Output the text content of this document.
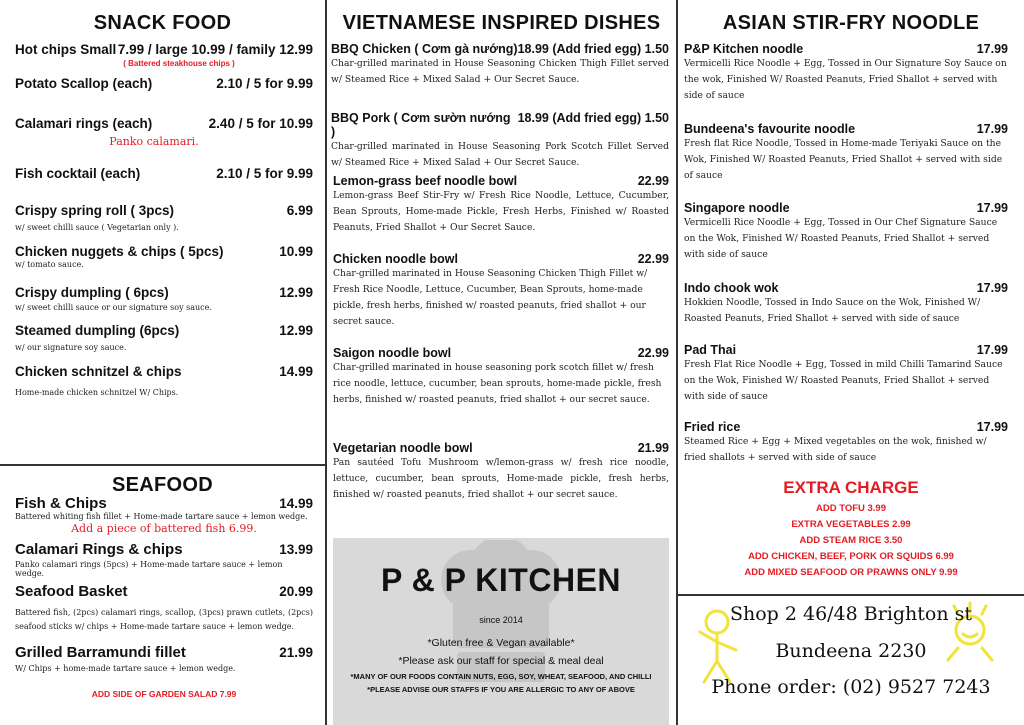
SNACK FOOD
Hot chips Small 7.99 / large 10.99 / family 12.99
( Battered steakhouse chips )
Potato Scallop (each)	2.10 / 5 for 9.99
Calamari rings (each)	2.40 / 5 for 10.99
Panko calamari.
Fish cocktail (each)	2.10 / 5 for 9.99
Crispy spring roll ( 3pcs)	6.99
w/ sweet chilli sauce ( Vegetarian only ).
Chicken nuggets & chips ( 5pcs)	10.99
w/ tomato sauce.
Crispy dumpling ( 6pcs)	12.99
w/ sweet chilli sauce or our signature soy sauce.
Steamed dumpling (6pcs)	12.99
w/ our signature soy sauce.
Chicken schnitzel & chips	14.99
Home-made chicken schnitzel W/ Chips.
SEAFOOD
Fish & Chips	14.99
Battered whiting fish fillet + Home-made tartare sauce + lemon wedge.
Add a piece of battered fish 6.99.
Calamari Rings & chips	13.99
Panko calamari rings (5pcs) + Home-made tartare sauce + lemon wedge.
Seafood Basket	20.99
Battered fish, (2pcs) calamari rings, scallop, (3pcs) prawn cutlets, (2pcs) seafood sticks w/ chips + Home-made tartare sauce + lemon wedge.
Grilled Barramundi fillet	21.99
W/ Chips + home-made tartare sauce + lemon wedge.
ADD SIDE OF GARDEN SALAD 7.99
VIETNAMESE INSPIRED DISHES
BBQ Chicken ( Cơm gà nướng) 18.99 (Add fried egg) 1.50
Char-grilled marinated in House Seasoning Chicken Thigh Fillet served w/ Steamed Rice + Mixed Salad + Our Secret Sauce.
BBQ Pork ( Cơm sườn nướng )
18.99 (Add fried egg) 1.50
Char-grilled marinated in House Seasoning Pork Scotch Fillet Served w/ Steamed Rice + Mixed Salad + Our Secret Sauce.
Lemon-grass beef noodle bowl	22.99
Lemon-grass Beef Stir-Fry w/ Fresh Rice Noodle, Lettuce, Cucumber, Bean Sprouts, Home-made Pickle, Fresh Herbs, Finished w/ Roasted Peanuts, Fried Shallot + Our Secret Sauce.
Chicken noodle bowl	22.99
Char-grilled marinated in House Seasoning Chicken Thigh Fillet w/ Fresh Rice Noodle, Lettuce, Cucumber, Bean Sprouts, home-made pickle, fresh herbs, finished w/ roasted peanuts, fried shallot + our secret sauce.
Saigon noodle bowl	22.99
Char-grilled marinated in house seasoning pork scotch fillet w/ fresh rice noodle, lettuce, cucumber, bean sprouts, home-made pickle, fresh herbs, finished w/ roasted peanuts, fried shallot + our secret sauce.
Vegetarian noodle bowl	21.99
Pan sautéed Tofu Mushroom w/lemon-grass w/ fresh rice noodle, lettuce, cucumber, bean sprouts, Home-made pickle, fresh herbs, finished w/ roasted peanuts, fried shallot + our secret sauce.
P & P KITCHEN
since 2014
*Gluten free & Vegan available*
*Please ask our staff for special & meal deal
*MANY OF OUR FOODS CONTAIN NUTS, EGG, SOY, WHEAT, SEAFOOD, AND CHILLI
*PLEASE ADVISE OUR STAFFS IF YOU ARE ALLERGIC TO ANY OF ABOVE
ASIAN STIR-FRY NOODLE
P&P Kitchen noodle	17.99
Vermicelli Rice Noodle + Egg, Tossed in Our Signature Soy Sauce on the wok, Finished W/ Roasted Peanuts, Fried Shallot + served with side of sauce
Bundeena's favourite noodle	17.99
Fresh flat Rice Noodle, Tossed in Home-made Teriyaki Sauce on the Wok, Finished W/ Roasted Peanuts, Fried Shallot + served with side of sauce
Singapore noodle	17.99
Vermicelli Rice Noodle + Egg, Tossed in Our Chef Signature Sauce on the Wok, Finished W/ Roasted Peanuts, Fried Shallot + served with side of sauce
Indo chook wok	17.99
Hokkien Noodle, Tossed in Indo Sauce on the Wok, Finished W/ Roasted Peanuts, Fried Shallot + served with side of sauce
Pad Thai	17.99
Fresh Flat Rice Noodle + Egg, Tossed in mild Chilli Tamarind Sauce on the Wok, Finished W/ Roasted Peanuts, Fried Shallot + served with side of sauce
Fried rice	17.99
Steamed Rice + Egg + Mixed vegetables on the wok, finished w/ fried shallots + served with side of sauce
EXTRA CHARGE
ADD TOFU 3.99
EXTRA VEGETABLES 2.99
ADD STEAM RICE 3.50
ADD CHICKEN, BEEF, PORK OR SQUIDS 6.99
ADD MIXED SEAFOOD OR PRAWNS ONLY 9.99
Shop 2 46/48 Brighton st
Bundeena 2230
Phone order: (02) 9527 7243
